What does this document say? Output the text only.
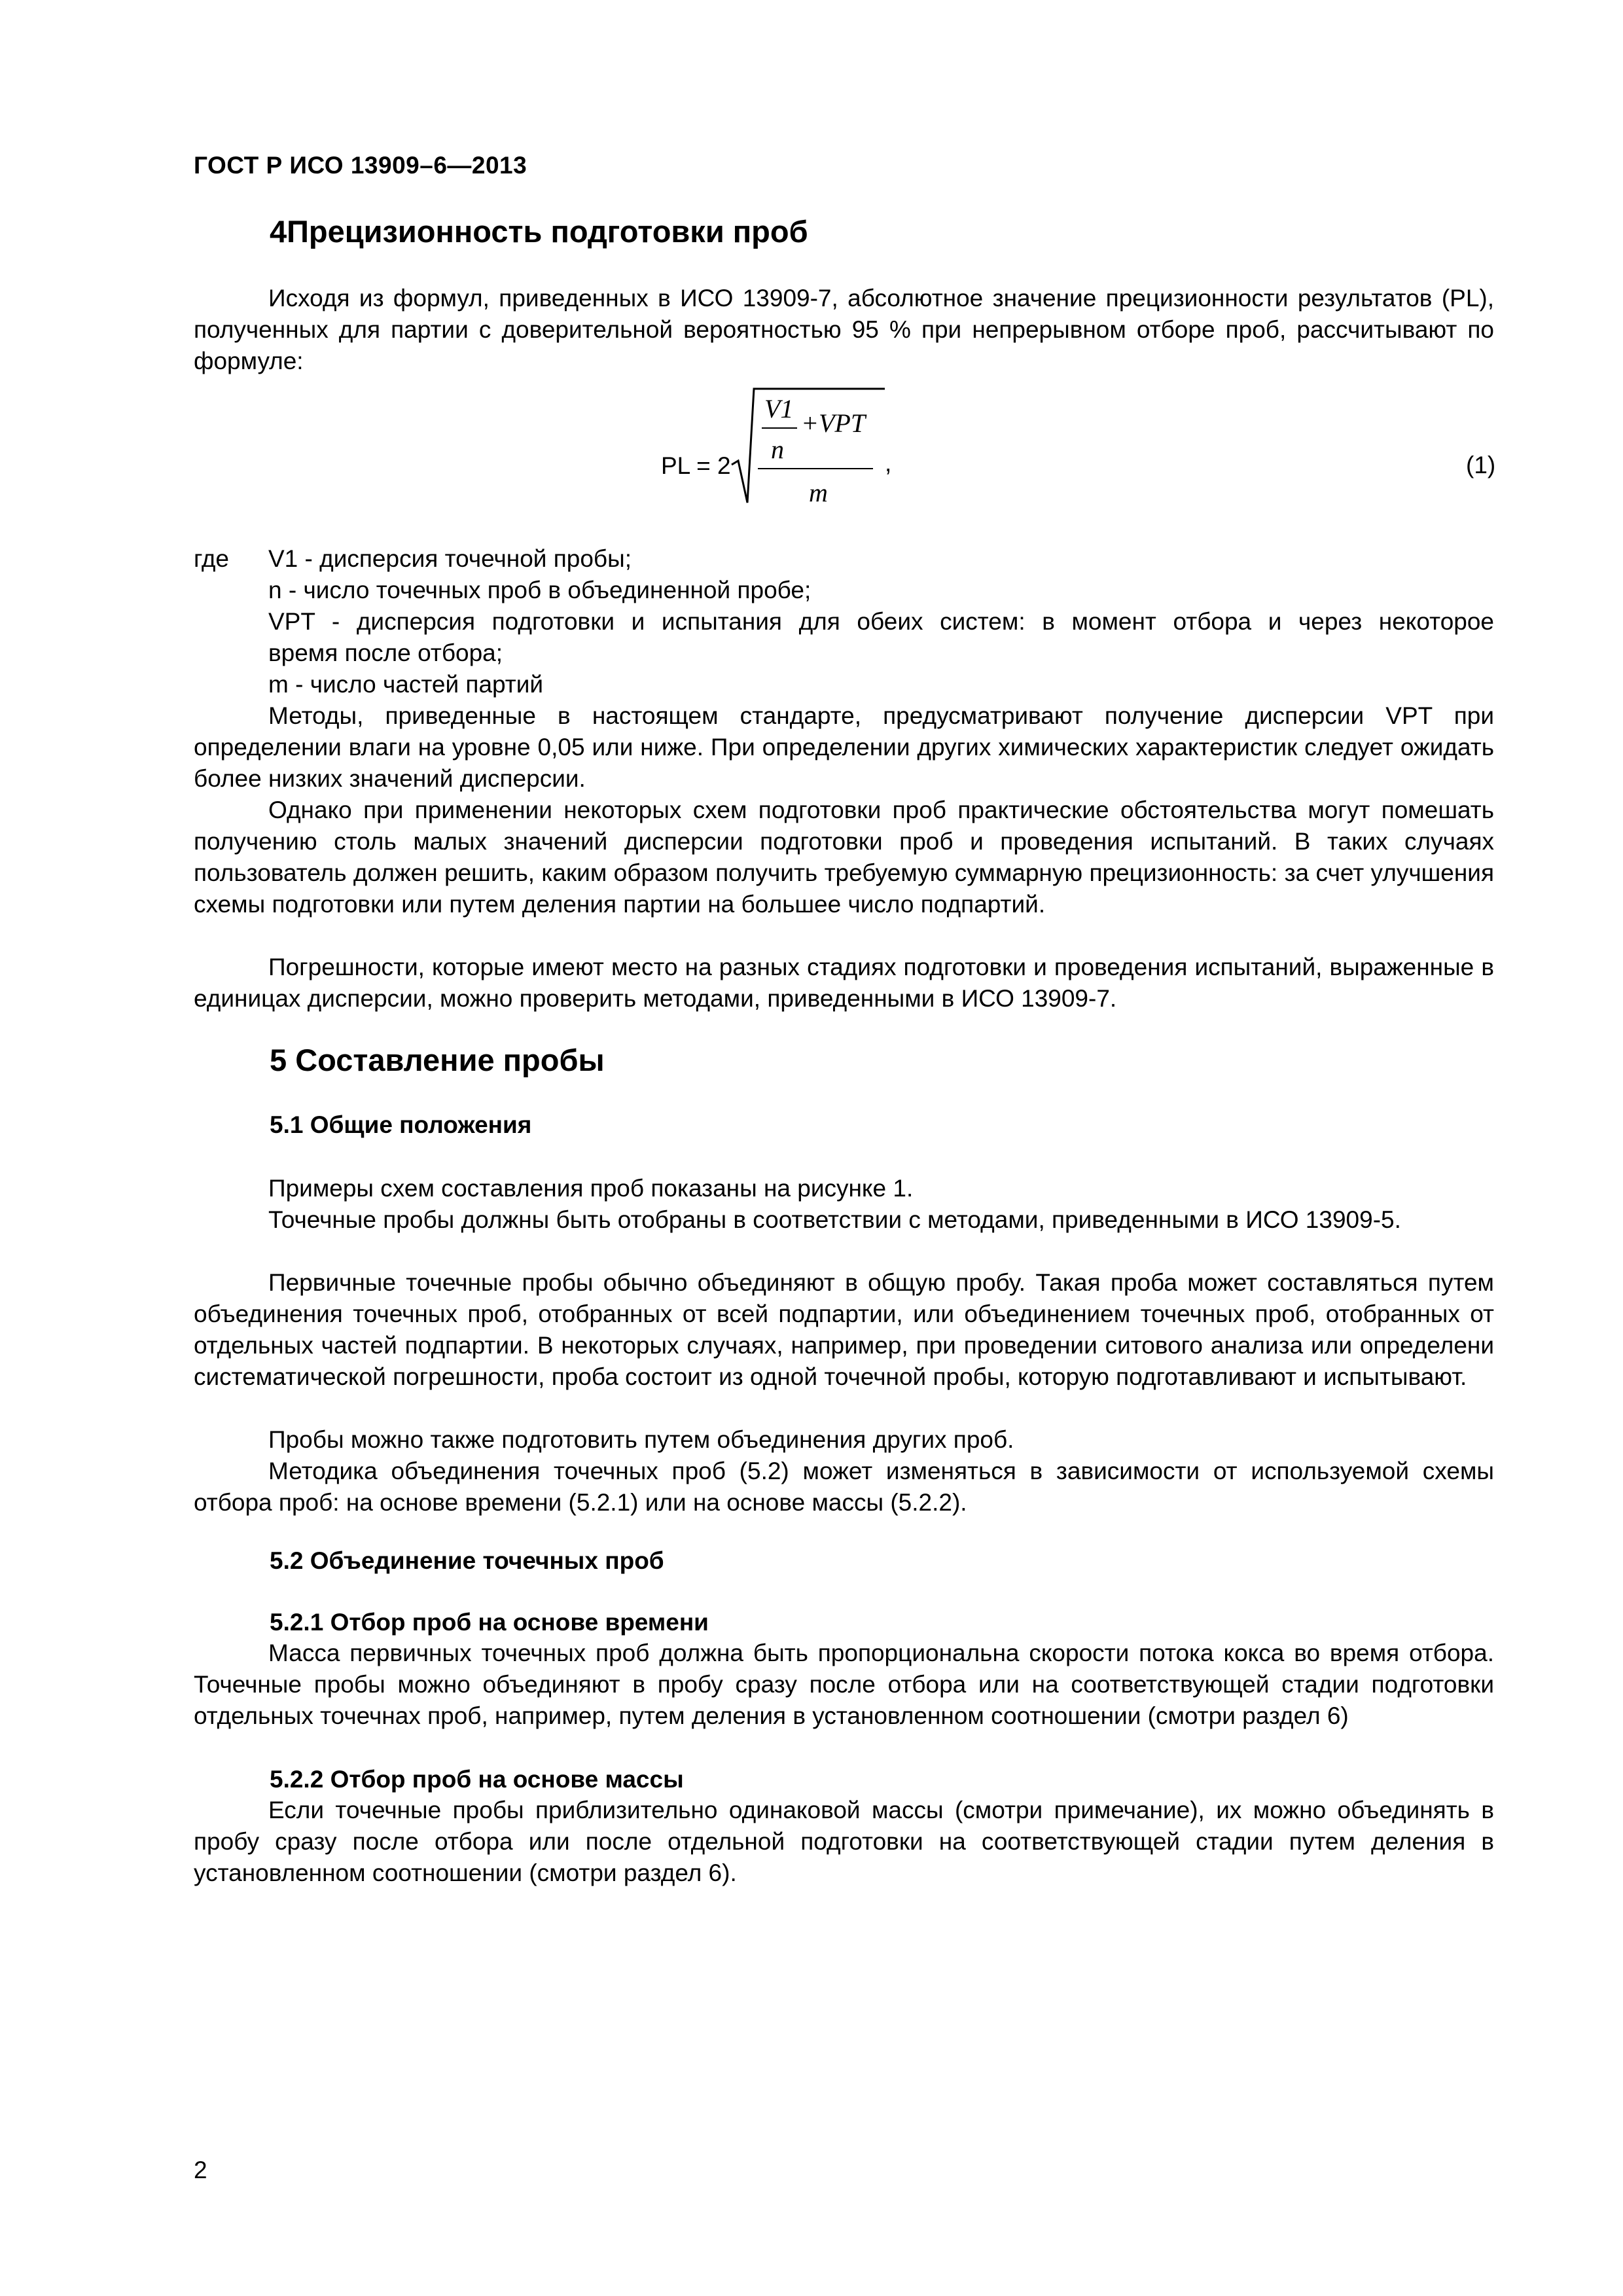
ГОСТ Р ИСО 13909–6—2013
4Прецизионность подготовки проб

Исходя из формул, приведенных в ИСО 13909-7, абсолютное значение прецизионности результатов (PL), полученных для партии с доверительной вероятностью 95 % при непрерывном отборе проб, рассчитывают по формуле:

PL = 2
V1 +VPT
n
m
,	(1)
где V1 - дисперсия точечной пробы;
n - число точечных проб в объединенной пробе;
VPT - дисперсия подготовки и испытания для обеих систем: в момент отбора и через некоторое
время после отбора;
m - число частей партий

Методы, приведенные в настоящем стандарте, предусматривают получение дисперсии VPT при определении влаги на уровне 0,05 или ниже. При определении других химических характеристик следует ожидать более низких значений дисперсии.

Однако при применении некоторых схем подготовки проб практические обстоятельства могут помешать получению столь малых значений дисперсии подготовки проб и проведения испытаний. В таких случаях пользователь должен решить, каким образом получить требуемую суммарную прецизионность: за счет улучшения схемы подготовки или путем деления партии на большее число подпартий.

Погрешности, которые имеют место на разных стадиях подготовки и проведения испытаний, выраженные в единицах дисперсии, можно проверить методами, приведенными в ИСО 13909-7.

5 Составление пробы
5.1 Общие положения

Примеры схем составления проб показаны на рисунке 1.

Точечные пробы должны быть отобраны в соответствии с методами, приведенными в ИСО 13909-5.

Первичные точечные пробы обычно объединяют в общую пробу. Такая проба может составляться путем объединения точечных проб, отобранных от всей подпартии, или объединением точечных проб, отобранных от отдельных частей подпартии. В некоторых случаях, например, при проведении ситового анализа или определени систематической погрешности, проба состоит из одной точечной пробы, которую подготавливают и испытывают.

Пробы можно также подготовить путем объединения других проб.

Методика объединения точечных проб (5.2) может изменяться в зависимости от используемой схемы отбора проб: на основе времени (5.2.1) или на основе массы (5.2.2).

5.2 Объединение точечных проб
5.2.1 Отбор проб на основе времени

Масса первичных точечных проб должна быть пропорциональна скорости потока кокса во время отбора. Точечные пробы можно объединяют в пробу сразу после отбора или на соответствующей стадии подготовки отдельных точечнах проб, например, путем деления в установленном соотношении (смотри раздел 6)

5.2.2 Отбор проб на основе массы

Если точечные пробы приблизительно одинаковой массы (смотри примечание), их можно объединять в пробу сразу после отбора или после отдельной подготовки на соответствующей стадии путем деления в установленном соотношении (смотри раздел 6).

2
